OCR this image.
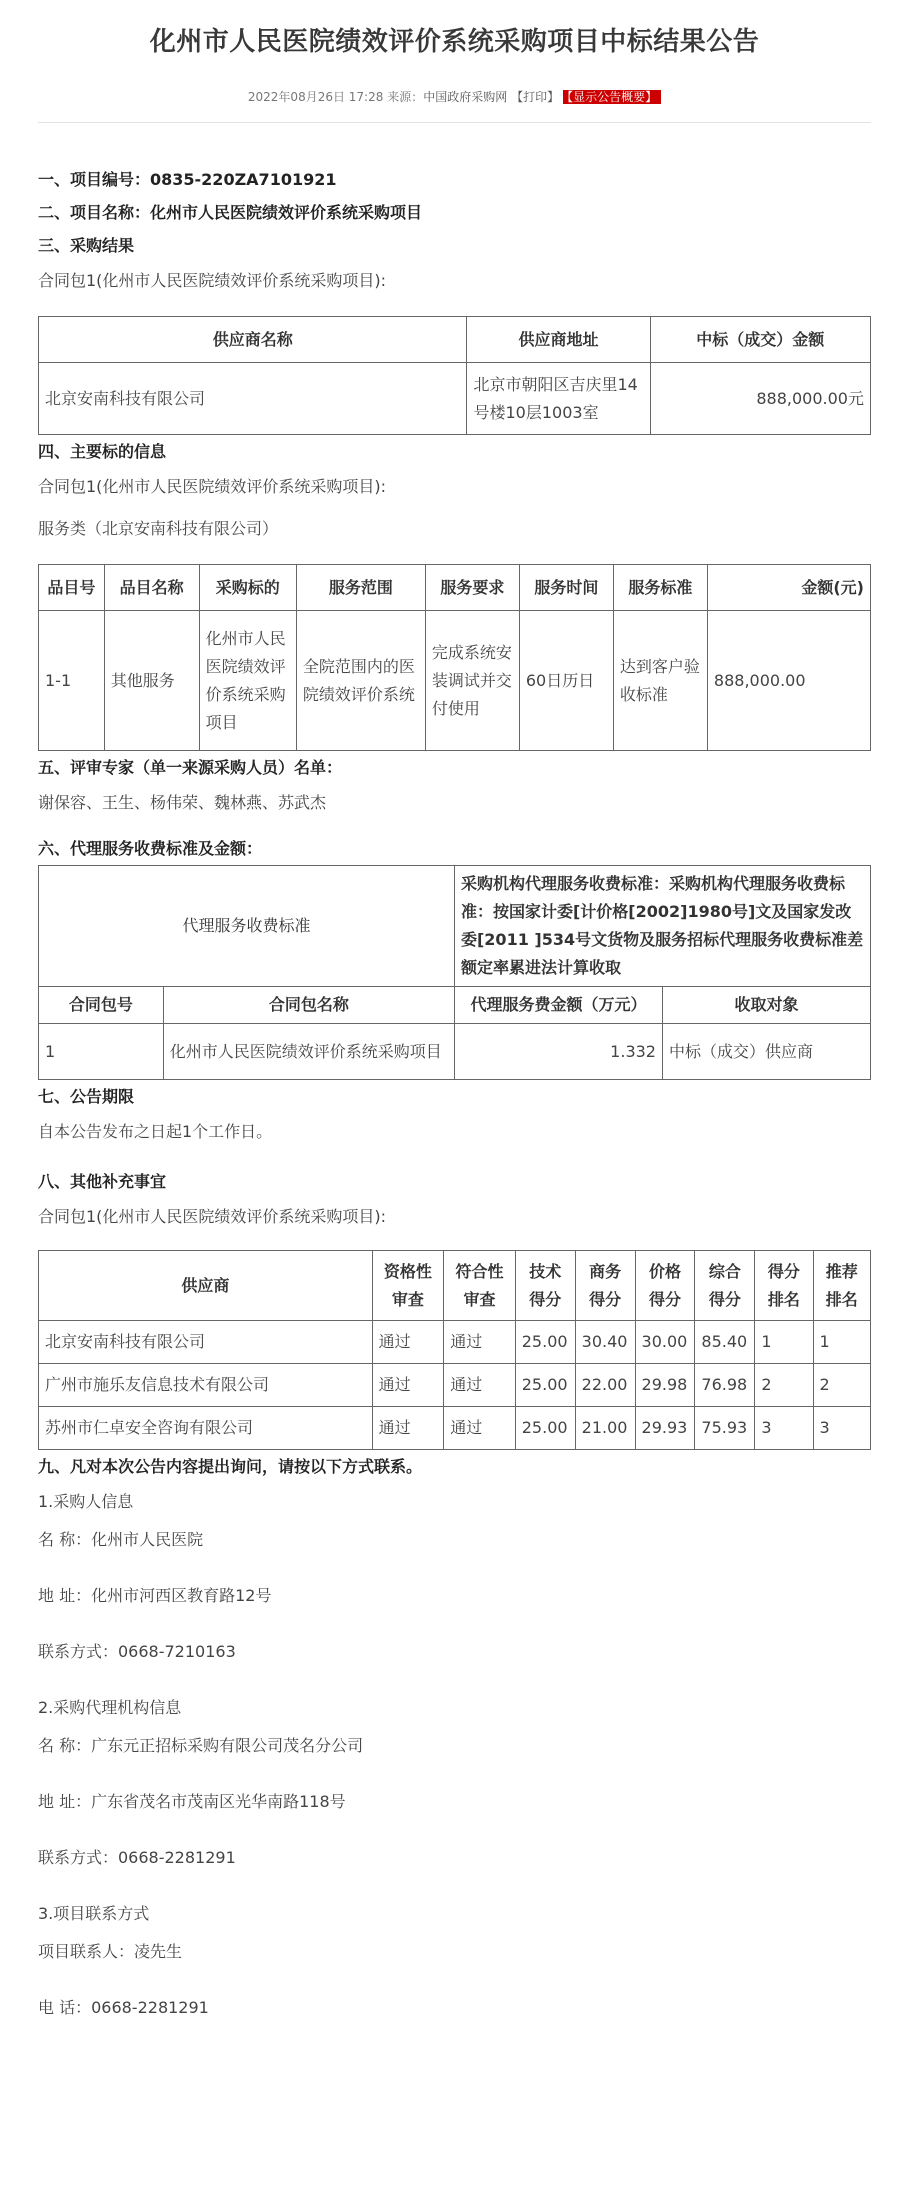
化州市人民医院绩效评价系统采购项目中标结果公告
2022年08月26日 17:28 来源：中国政府采购网 【打印】 【显示公告概要】
一、项目编号：0835-220ZA7101921
二、项目名称：化州市人民医院绩效评价系统采购项目
三、采购结果
合同包1(化州市人民医院绩效评价系统采购项目):
供应商名称	供应商地址	中标（成交）金额
北京安南科技有限公司	北京市朝阳区吉庆里14号楼10层1003室	888,000.00元
四、主要标的信息
合同包1(化州市人民医院绩效评价系统采购项目):
服务类（北京安南科技有限公司）
品目号	品目名称	采购标的	服务范围	服务要求	服务时间	服务标准	金额(元)
1-1	其他服务	化州市人民医院绩效评价系统采购项目	全院范围内的医院绩效评价系统	完成系统安装调试并交付使用	60日历日	达到客户验收标准	888,000.00
五、评审专家（单一来源采购人员）名单：
谢保容、王生、杨伟荣、魏林燕、苏武杰
六、代理服务收费标准及金额：
代理服务收费标准		采购机构代理服务收费标准：采购机构代理服务收费标准：按国家计委[计价格[2002]1980号]文及国家发改委[2011 ]534号文货物及服务招标代理服务收费标准差额定率累进法计算收取	
合同包号	合同包名称	代理服务费金额（万元）	收取对象
1	化州市人民医院绩效评价系统采购项目	1.332	中标（成交）供应商
七、公告期限
自本公告发布之日起1个工作日。
八、其他补充事宜
合同包1(化州市人民医院绩效评价系统采购项目):
供应商	资格性审查	符合性审查	技术得分	商务得分	价格得分	综合得分	得分排名	推荐排名
北京安南科技有限公司	通过	通过	25.00	30.40	30.00	85.40	1	1
广州市施乐友信息技术有限公司	通过	通过	25.00	22.00	29.98	76.98	2	2
苏州市仁卓安全咨询有限公司	通过	通过	25.00	21.00	29.93	75.93	3	3
九、凡对本次公告内容提出询问，请按以下方式联系。
1.采购人信息
名 称：化州市人民医院
地 址：化州市河西区教育路12号
联系方式：0668-7210163
2.采购代理机构信息
名 称：广东元正招标采购有限公司茂名分公司
地 址：广东省茂名市茂南区光华南路118号
联系方式：0668-2281291
3.项目联系方式
项目联系人：凌先生
电 话：0668-2281291
